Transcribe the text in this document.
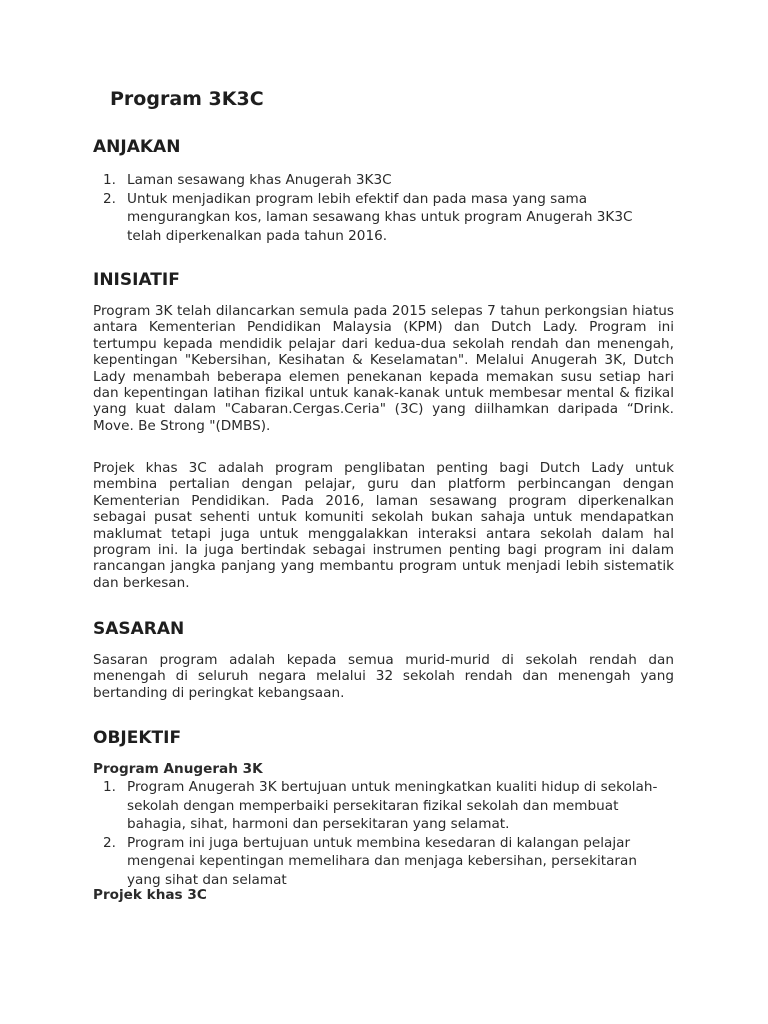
Program 3K3C
ANJAKAN
1. Laman sesawang khas Anugerah 3K3C
2. Untuk menjadikan program lebih efektif dan pada masa yang sama mengurangkan kos, laman sesawang khas untuk program Anugerah 3K3C telah diperkenalkan pada tahun 2016.
INISIATIF

Program 3K telah dilancarkan semula pada 2015 selepas 7 tahun perkongsian hiatus antara Kementerian Pendidikan Malaysia (KPM) dan Dutch Lady. Program ini tertumpu kepada mendidik pelajar dari kedua-dua sekolah rendah dan menengah, kepentingan "Kebersihan, Kesihatan & Keselamatan". Melalui Anugerah 3K, Dutch Lady menambah beberapa elemen penekanan kepada memakan susu setiap hari dan kepentingan latihan fizikal untuk kanak-kanak untuk membesar mental & fizikal yang kuat dalam "Cabaran.Cergas.Ceria" (3C) yang diilhamkan daripada “Drink. Move. Be Strong "(DMBS).

Projek khas 3C adalah program penglibatan penting bagi Dutch Lady untuk membina pertalian dengan pelajar, guru dan platform perbincangan dengan Kementerian Pendidikan. Pada 2016, laman sesawang program diperkenalkan sebagai pusat sehenti untuk komuniti sekolah bukan sahaja untuk mendapatkan maklumat tetapi juga untuk menggalakkan interaksi antara sekolah dalam hal program ini. Ia juga bertindak sebagai instrumen penting bagi program ini dalam rancangan jangka panjang yang membantu program untuk menjadi lebih sistematik dan berkesan.

SASARAN

Sasaran program adalah kepada semua murid-murid di sekolah rendah dan menengah di seluruh negara melalui 32 sekolah rendah dan menengah yang bertanding di peringkat kebangsaan.

OBJEKTIF

Program Anugerah 3K

1. Program Anugerah 3K bertujuan untuk meningkatkan kualiti hidup di sekolah-sekolah dengan memperbaiki persekitaran fizikal sekolah dan membuat bahagia, sihat, harmoni dan persekitaran yang selamat.
2. Program ini juga bertujuan untuk membina kesedaran di kalangan pelajar mengenai kepentingan memelihara dan menjaga kebersihan, persekitaran yang sihat dan selamat

Projek khas 3C
